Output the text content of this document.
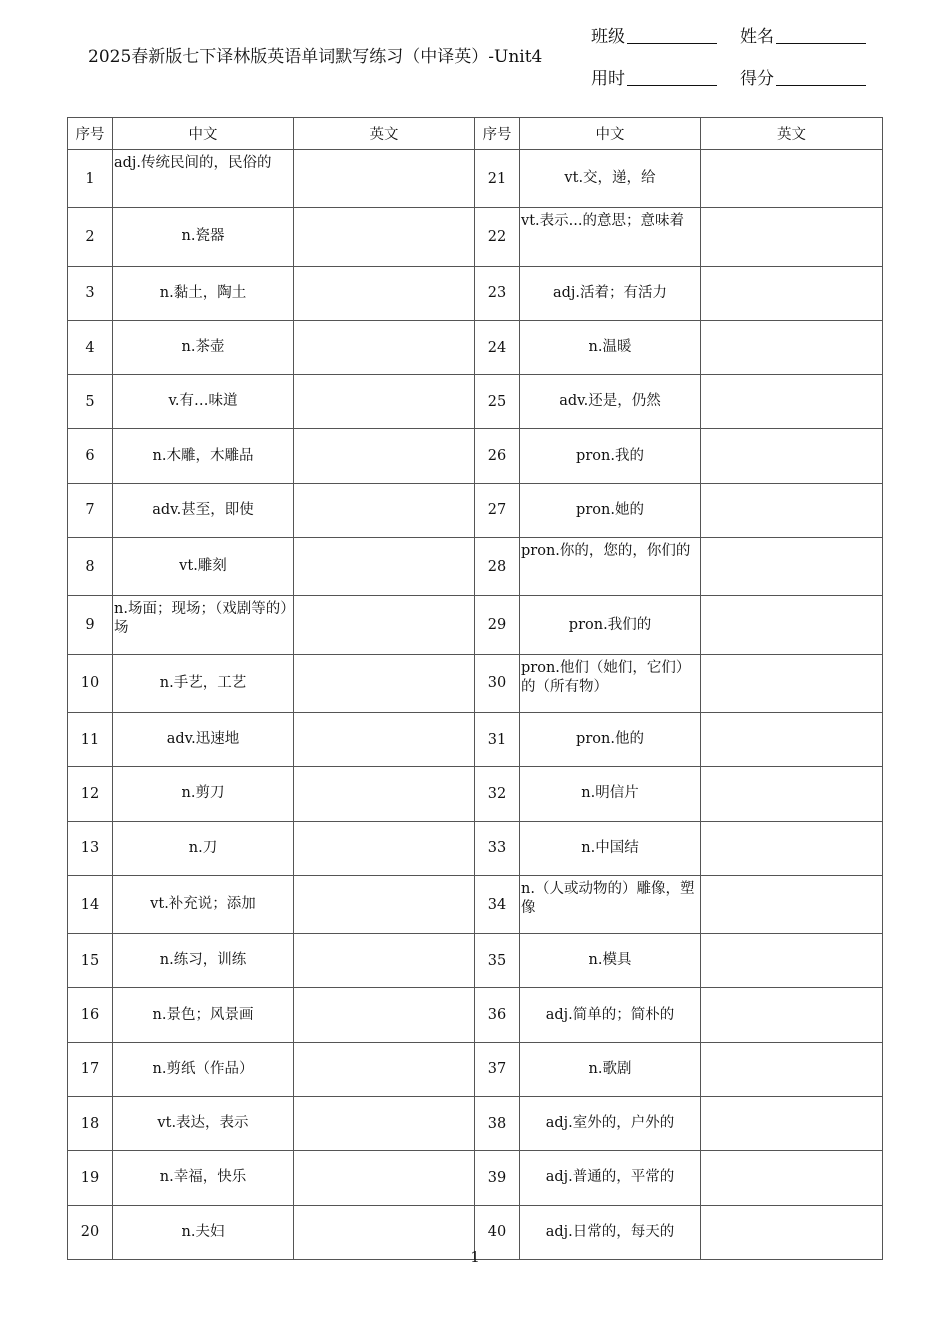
2025春新版七下译林版英语单词默写练习（中译英）-Unit4
班级	姓名
用时	得分
序号	中文	英文	序号	中文	英文
1	adj.传统民间的，民俗的		21	vt.交，递，给	
2	n.瓷器		22	vt.表示...的意思；意味着	

3	n.黏土，陶土		23	adj.活着；有活力	
4	n.茶壶		24	n.温暖	
5	v.有…味道		25	adv.还是，仍然	
6	n.木雕，木雕品		26	pron.我的	
7	adv.甚至，即使		27	pron.她的	
8	vt.雕刻		28	pron.你的，您的，你们的	

9	n.场面；现场；（戏剧等的）场		29	pron.我们的	
10	n.手艺，工艺		30	pron.他们（她们，它们）的（所有物）	

11	adv.迅速地		31	pron.他的	
12	n.剪刀		32	n.明信片	
13	n.刀		33	n.中国结	
14	vt.补充说；添加		34	n.（人或动物的）雕像，塑像	

15	n.练习，训练		35	n.模具	
16	n.景色；风景画		36	adj.简单的；简朴的	
17	n.剪纸（作品）		37	n.歌剧	
18	vt.表达，表示		38	adj.室外的，户外的	
19	n.幸福，快乐		39	adj.普通的，平常的	
20	n.夫妇		40	adj.日常的，每天的	
1
